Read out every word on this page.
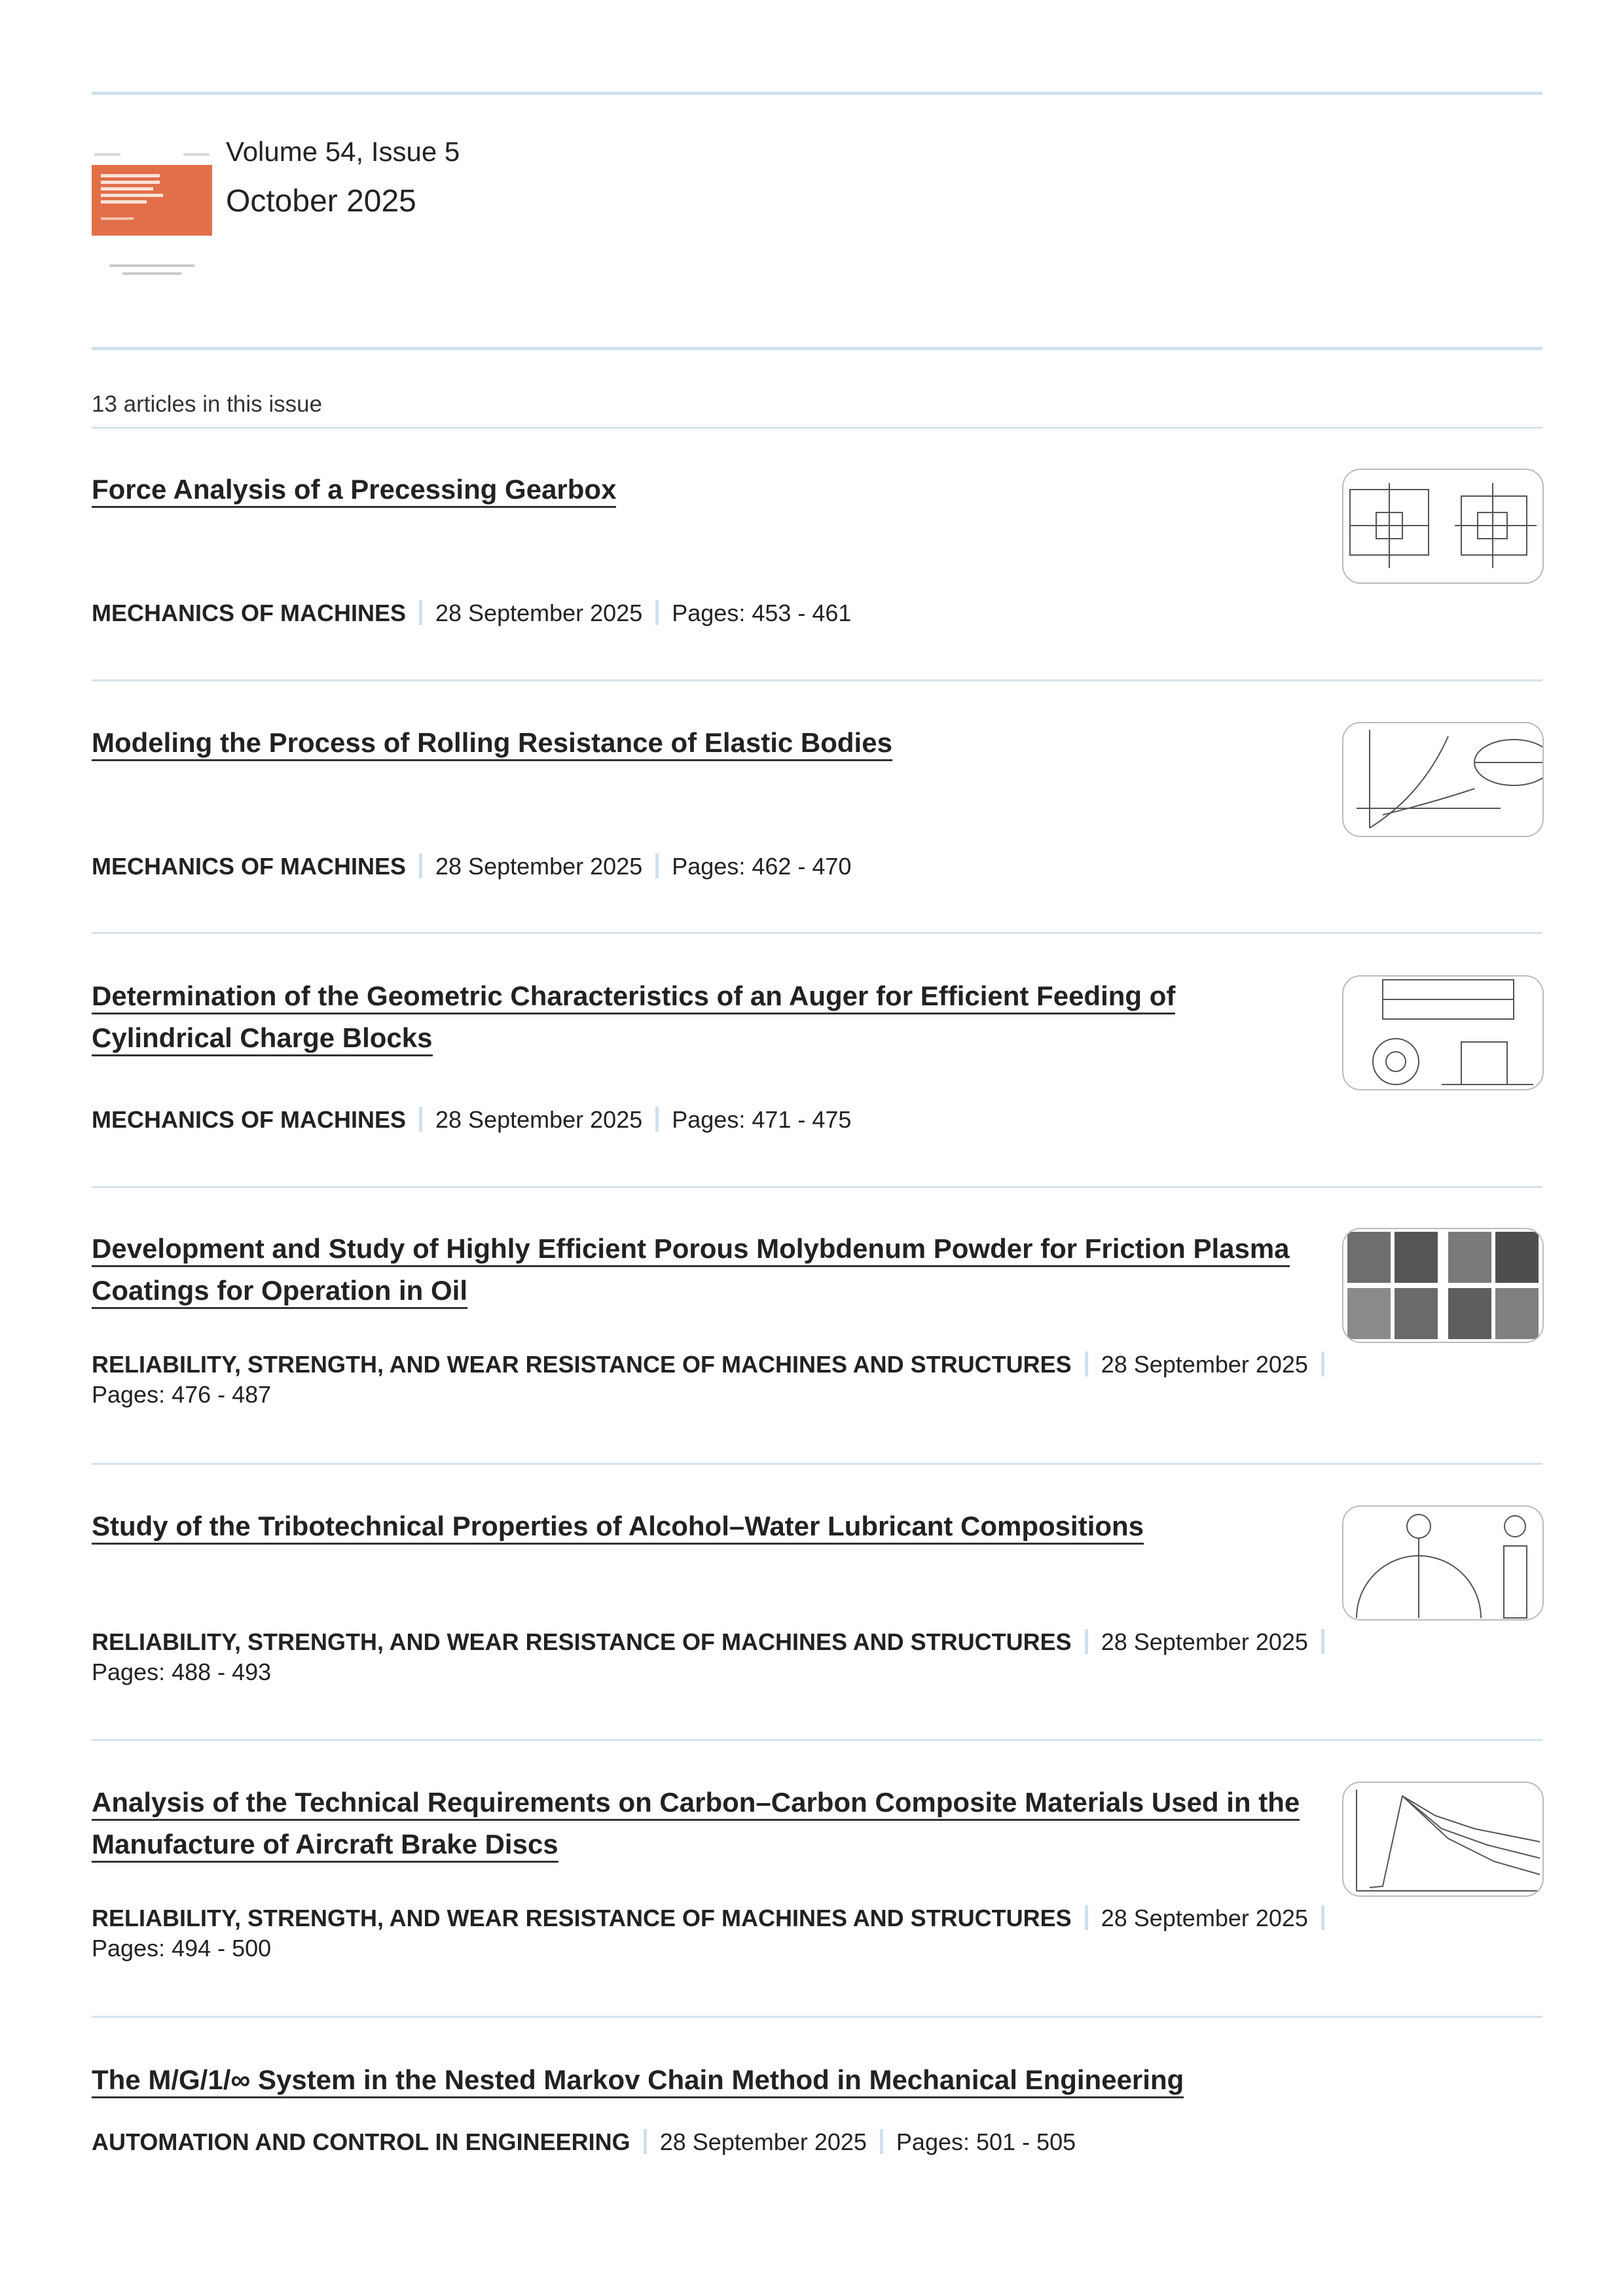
Volume 54, Issue 5
October 2025
13 articles in this issue
Force Analysis of a Precessing Gearbox
MECHANICS OF MACHINES 28 September 2025 Pages: 453 - 461
Modeling the Process of Rolling Resistance of Elastic Bodies
MECHANICS OF MACHINES 28 September 2025 Pages: 462 - 470
Determination of the Geometric Characteristics of an Auger for Efficient Feeding of Cylindrical Charge Blocks
MECHANICS OF MACHINES 28 September 2025 Pages: 471 - 475
Development and Study of Highly Efficient Porous Molybdenum Powder for Friction Plasma Coatings for Operation in Oil
RELIABILITY, STRENGTH, AND WEAR RESISTANCE OF MACHINES AND STRUCTURES 28 September 2025
Pages: 476 - 487
Study of the Tribotechnical Properties of Alcohol–Water Lubricant Compositions
RELIABILITY, STRENGTH, AND WEAR RESISTANCE OF MACHINES AND STRUCTURES 28 September 2025
Pages: 488 - 493
Analysis of the Technical Requirements on Carbon–Carbon Composite Materials Used in the Manufacture of Aircraft Brake Discs
RELIABILITY, STRENGTH, AND WEAR RESISTANCE OF MACHINES AND STRUCTURES 28 September 2025
Pages: 494 - 500
The M/G/1/∞ System in the Nested Markov Chain Method in Mechanical Engineering
AUTOMATION AND CONTROL IN ENGINEERING 28 September 2025 Pages: 501 - 505
